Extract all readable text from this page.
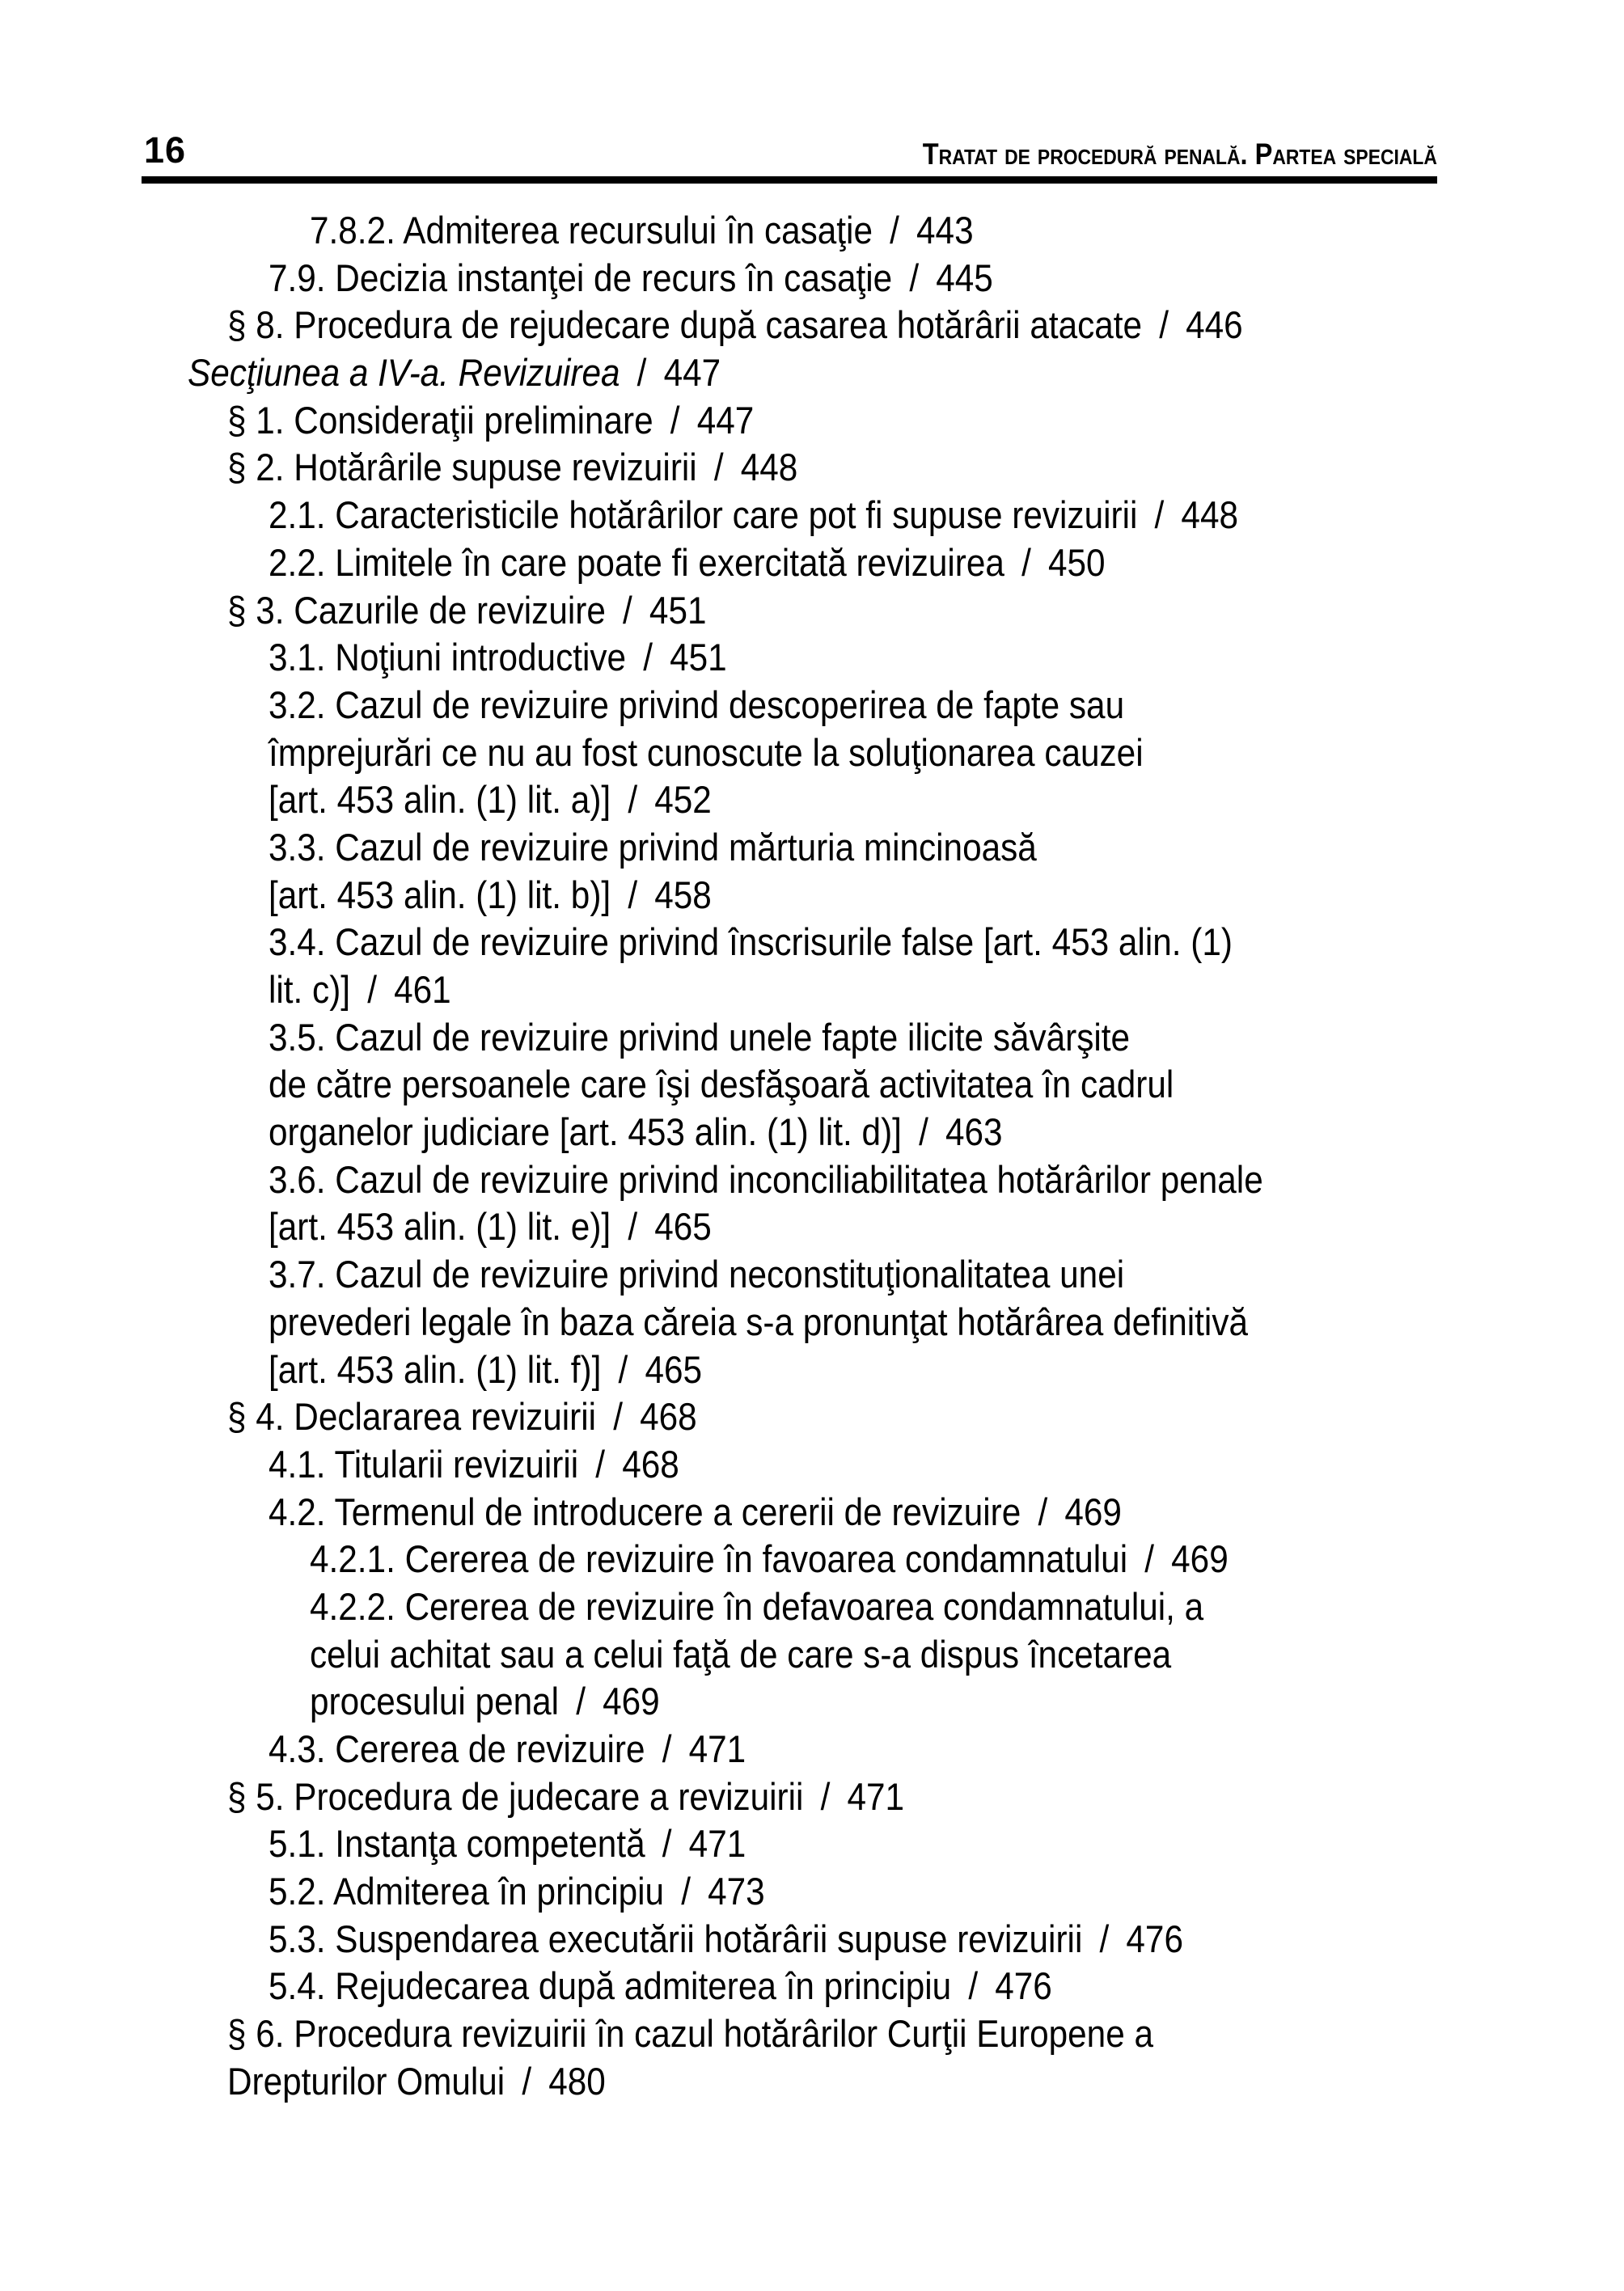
16	Tratat de procedură penală. Partea specială
7.8.2. Admiterea recursului în casaţie  / 443
7.9. Decizia instanţei de recurs în casaţie  / 445
§ 8. Procedura de rejudecare după casarea hotărârii atacate  / 446
Secţiunea a IV-a. Revizuirea  / 447
§ 1. Consideraţii preliminare  / 447
§ 2. Hotărârile supuse revizuirii  / 448
2.1. Caracteristicile hotărârilor care pot fi supuse revizuirii  / 448
2.2. Limitele în care poate fi exercitată revizuirea  / 450
§ 3. Cazurile de revizuire  / 451
3.1. Noţiuni introductive  / 451
3.2. Cazul de revizuire privind descoperirea de fapte sau
împrejurări ce nu au fost cunoscute la soluţionarea cauzei
[art. 453 alin. (1) lit. a)]  / 452
3.3. Cazul de revizuire privind mărturia mincinoasă
[art. 453 alin. (1) lit. b)]  / 458
3.4. Cazul de revizuire privind înscrisurile false [art. 453 alin. (1)
lit. c)]  / 461
3.5. Cazul de revizuire privind unele fapte ilicite săvârşite
de către persoanele care îşi desfăşoară activitatea în cadrul
organelor judiciare [art. 453 alin. (1) lit. d)]  / 463
3.6. Cazul de revizuire privind inconciliabilitatea hotărârilor penale
[art. 453 alin. (1) lit. e)]  / 465
3.7. Cazul de revizuire privind neconstituţionalitatea unei
prevederi legale în baza căreia s-a pronunţat hotărârea definitivă
[art. 453 alin. (1) lit. f)]  / 465
§ 4. Declararea revizuirii  / 468
4.1. Titularii revizuirii  / 468
4.2. Termenul de introducere a cererii de revizuire  / 469
4.2.1. Cererea de revizuire în favoarea condamnatului  / 469
4.2.2. Cererea de revizuire în defavoarea condamnatului, a
celui achitat sau a celui faţă de care s-a dispus încetarea
procesului penal  / 469
4.3. Cererea de revizuire  / 471
§ 5. Procedura de judecare a revizuirii  / 471
5.1. Instanţa competentă  / 471
5.2. Admiterea în principiu  / 473
5.3. Suspendarea executării hotărârii supuse revizuirii  / 476
5.4. Rejudecarea după admiterea în principiu  / 476
§ 6. Procedura revizuirii în cazul hotărârilor Curţii Europene a
Drepturilor Omului  / 480
